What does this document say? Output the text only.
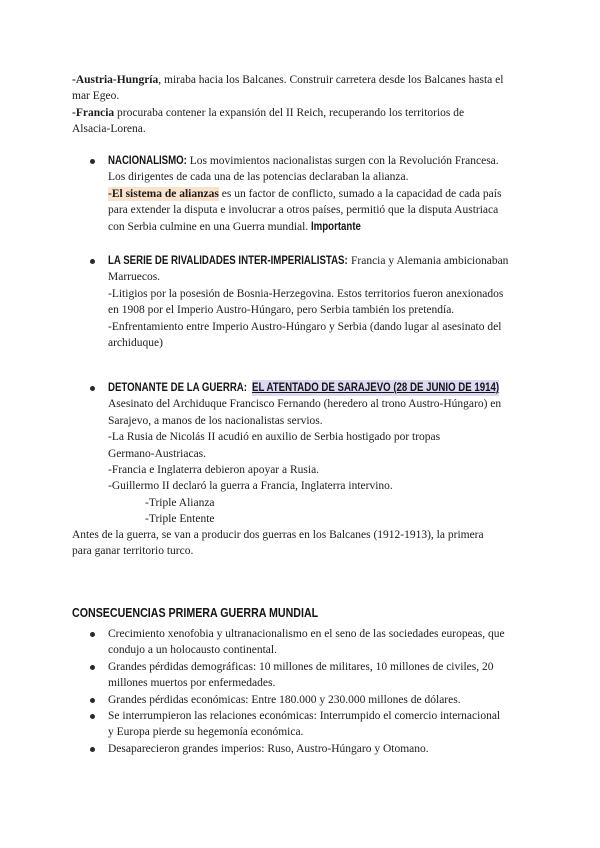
-Austria-Hungría, miraba hacia los Balcanes. Construir carretera desde los Balcanes hasta el
mar Egeo.
-Francia procuraba contener la expansión del II Reich, recuperando los territorios de
Alsacia-Lorena.
NACIONALISMO: Los movimientos nacionalistas surgen con la Revolución Francesa.
Los dirigentes de cada una de las potencias declaraban la alianza.
-El sistema de alianzas es un factor de conflicto, sumado a la capacidad de cada país
para extender la disputa e involucrar a otros países, permitió que la disputa Austriaca
con Serbia culmine en una Guerra mundial. Importante
LA SERIE DE RIVALIDADES INTER-IMPERIALISTAS: Francia y Alemania ambicionaban
Marruecos.
-Litigios por la posesión de Bosnia-Herzegovina. Estos territorios fueron anexionados
en 1908 por el Imperio Austro-Húngaro, pero Serbia también los pretendía.
-Enfrentamiento entre Imperio Austro-Húngaro y Serbia (dando lugar al asesinato del
archiduque)
DETONANTE DE LA GUERRA: EL ATENTADO DE SARAJEVO (28 DE JUNIO DE 1914)
Asesinato del Archiduque Francisco Fernando (heredero al trono Austro-Húngaro) en
Sarajevo, a manos de los nacionalistas servios.
-La Rusia de Nicolás II acudió en auxilio de Serbia hostigado por tropas
Germano-Austriacas.
-Francia e Inglaterra debieron apoyar a Rusia.
-Guillermo II declaró la guerra a Francia, Inglaterra intervino.
-Triple Alianza
-Triple Entente
Antes de la guerra, se van a producir dos guerras en los Balcanes (1912-1913), la primera
para ganar territorio turco.
CONSECUENCIAS PRIMERA GUERRA MUNDIAL
Crecimiento xenofobia y ultranacionalismo en el seno de las sociedades europeas, que
condujo a un holocausto continental.
Grandes pérdidas demográficas: 10 millones de militares, 10 millones de civiles, 20
millones muertos por enfermedades.
Grandes pérdidas económicas: Entre 180.000 y 230.000 millones de dólares.
Se interrumpieron las relaciones económicas: Interrumpido el comercio internacional
y Europa pierde su hegemonía económica.
Desaparecieron grandes imperios: Ruso, Austro-Húngaro y Otomano.
